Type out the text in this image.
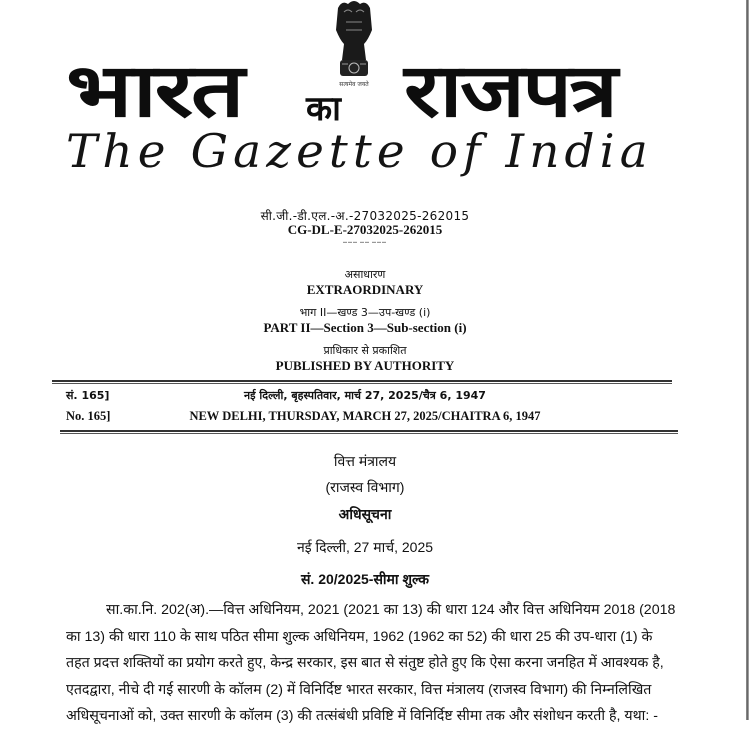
सत्यमेव जयते
भारत का राजपत्र
The Gazette of India
सी.जी.-डी.एल.-अ.-27032025-262015
CG-DL-E-27032025-262015
▬▬▬ ▬▬ ▬▬▬
असाधारण
EXTRAORDINARY
भाग II—खण्ड 3—उप-खण्ड (i)
PART II—Section 3—Sub-section (i)
प्राधिकार से प्रकाशित
PUBLISHED BY AUTHORITY
सं. 165]	नई दिल्ली, बृहस्पतिवार, मार्च 27, 2025/चैत्र 6, 1947
No. 165]	NEW DELHI, THURSDAY, MARCH 27, 2025/CHAITRA 6, 1947
वित्त मंत्रालय
(राजस्व विभाग)
अधिसूचना
नई दिल्ली, 27 मार्च, 2025
सं. 20/2025-सीमा शुल्क
सा.का.नि. 202(अ).—वित्त अधिनियम, 2021 (2021 का 13) की धारा 124 और वित्त अधिनियम 2018 (2018
का 13) की धारा 110 के साथ पठित सीमा शुल्क अधिनियम, 1962 (1962 का 52) की धारा 25 की उप-धारा (1) के
तहत प्रदत्त शक्तियों का प्रयोग करते हुए, केन्द्र सरकार, इस बात से संतुष्ट होते हुए कि ऐसा करना जनहित में आवश्यक है,
एतदद्वारा, नीचे दी गई सारणी के कॉलम (2) में विनिर्दिष्ट भारत सरकार, वित्त मंत्रालय (राजस्व विभाग) की निम्नलिखित
अधिसूचनाओं को, उक्त सारणी के कॉलम (3) की तत्संबंधी प्रविष्टि में विनिर्दिष्ट सीमा तक और संशोधन करती है, यथा: -
